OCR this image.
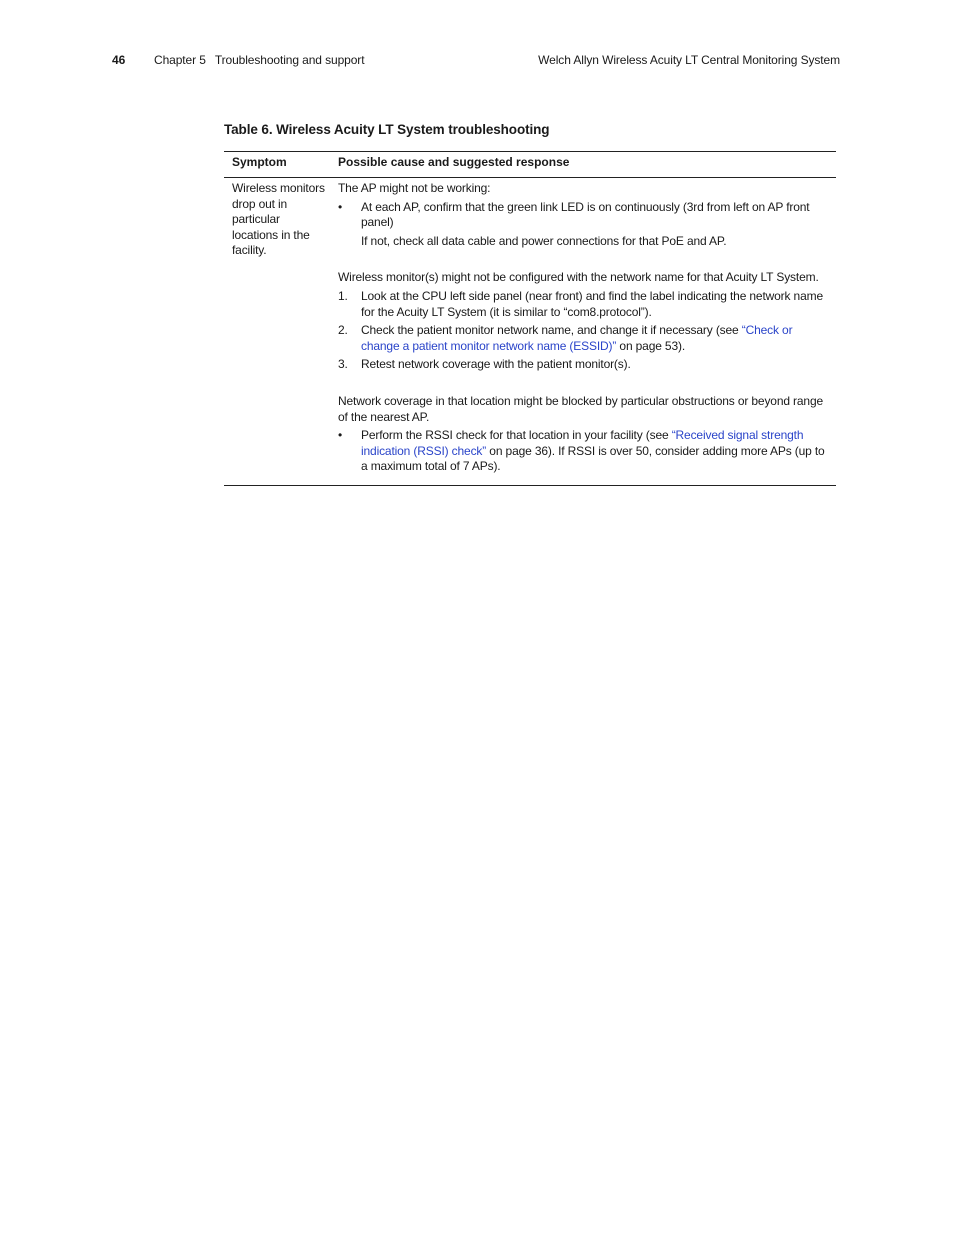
46 Chapter 5 Troubleshooting and support	Welch Allyn Wireless Acuity LT Central Monitoring System
Table 6. Wireless Acuity LT System troubleshooting
Symptom	Possible cause and suggested response
Wireless monitors drop out in particular locations in the facility.

The AP might not be working:

•	At each AP, confirm that the green link LED is on continuously (3rd from left on AP front panel)

If not, check all data cable and power connections for that PoE and AP.

Wireless monitor(s) might not be configured with the network name for that Acuity LT System.

1.	Look at the CPU left side panel (near front) and find the label indicating the network name for the Acuity LT System (it is similar to “com8.protocol”).
2.	Check the patient monitor network name, and change it if necessary (see “Check or change a patient monitor network name (ESSID)” on page 53).
3.	Retest network coverage with the patient monitor(s).

Network coverage in that location might be blocked by particular obstructions or beyond range of the nearest AP.

•	Perform the RSSI check for that location in your facility (see “Received signal strength indication (RSSI) check” on page 36). If RSSI is over 50, consider adding more APs (up to a maximum total of 7 APs).
